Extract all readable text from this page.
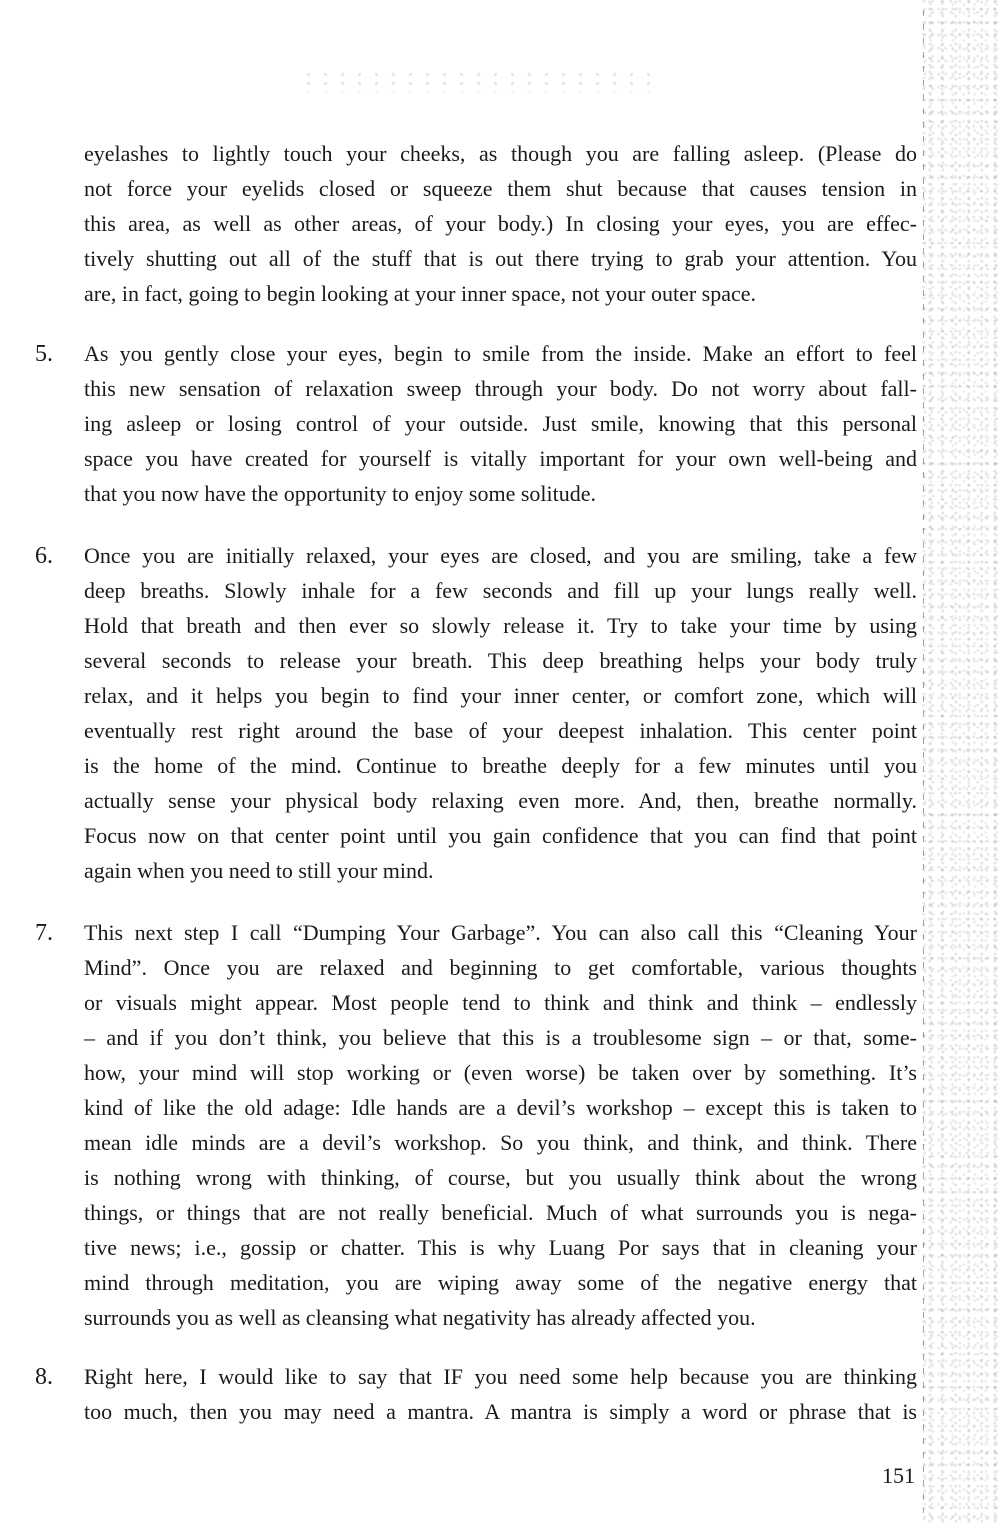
eyelashes to lightly touch your cheeks, as though you are falling asleep. (Please do
not force your eyelids closed or squeeze them shut because that causes tension in
this area, as well as other areas, of your body.) In closing your eyes, you are effec-
tively shutting out all of the stuff that is out there trying to grab your attention. You
are, in fact, going to begin looking at your inner space, not your outer space.
5.	As you gently close your eyes, begin to smile from the inside. Make an effort to feel
this new sensation of relaxation sweep through your body. Do not worry about fall-
ing asleep or losing control of your outside. Just smile, knowing that this personal
space you have created for yourself is vitally important for your own well-being and
that you now have the opportunity to enjoy some solitude.
6.	Once you are initially relaxed, your eyes are closed, and you are smiling, take a few
deep breaths. Slowly inhale for a few seconds and fill up your lungs really well.
Hold that breath and then ever so slowly release it. Try to take your time by using
several seconds to release your breath. This deep breathing helps your body truly
relax, and it helps you begin to find your inner center, or comfort zone, which will
eventually rest right around the base of your deepest inhalation. This center point
is the home of the mind. Continue to breathe deeply for a few minutes until you
actually sense your physical body relaxing even more. And, then, breathe normally.
Focus now on that center point until you gain confidence that you can find that point
again when you need to still your mind.
7.	This next step I call “Dumping Your Garbage”. You can also call this “Cleaning Your
Mind”. Once you are relaxed and beginning to get comfortable, various thoughts
or visuals might appear. Most people tend to think and think and think – endlessly
– and if you don’t think, you believe that this is a troublesome sign – or that, some-
how, your mind will stop working or (even worse) be taken over by something. It’s
kind of like the old adage: Idle hands are a devil’s workshop – except this is taken to
mean idle minds are a devil’s workshop. So you think, and think, and think. There
is nothing wrong with thinking, of course, but you usually think about the wrong
things, or things that are not really beneficial. Much of what surrounds you is nega-
tive news; i.e., gossip or chatter. This is why Luang Por says that in cleaning your
mind through meditation, you are wiping away some of the negative energy that
surrounds you as well as cleansing what negativity has already affected you.
8.	Right here, I would like to say that IF you need some help because you are thinking
too much, then you may need a mantra. A mantra is simply a word or phrase that is
151
